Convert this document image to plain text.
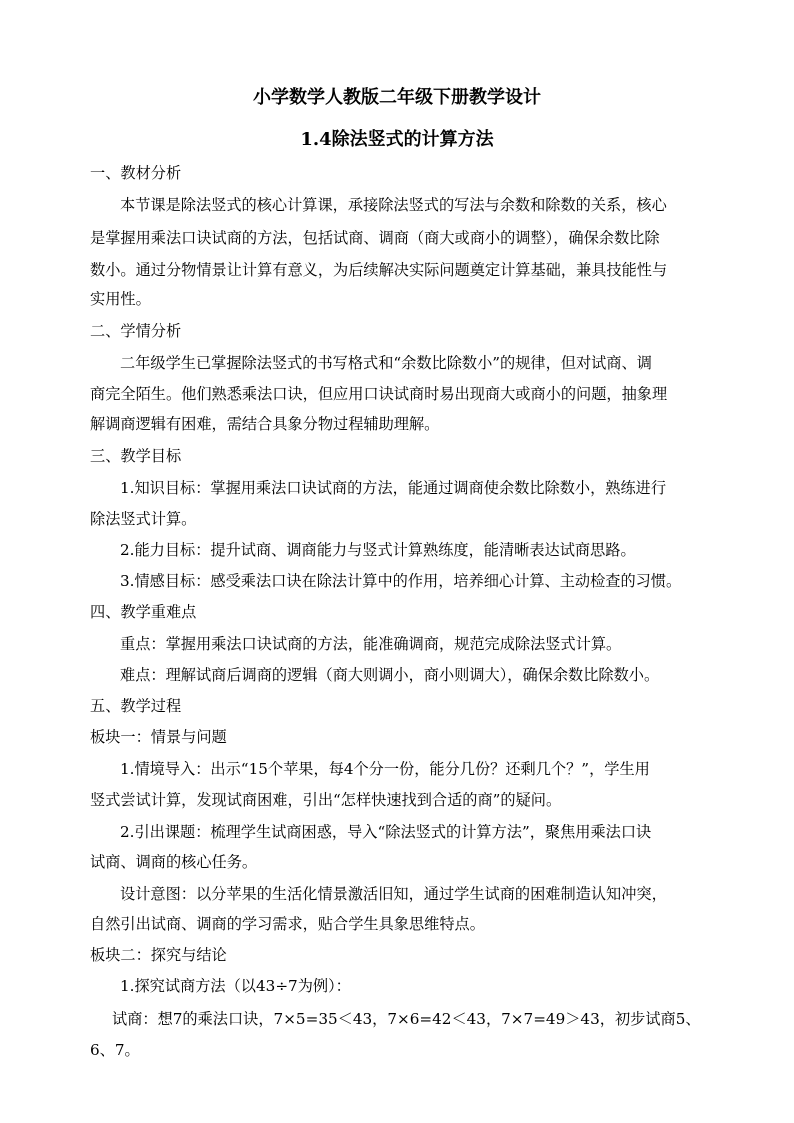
小学数学人教版二年级下册教学设计
1.4除法竖式的计算方法
一、教材分析
本节课是除法竖式的核心计算课，承接除法竖式的写法与余数和除数的关系，核心
是掌握用乘法口诀试商的方法，包括试商、调商（商大或商小的调整），确保余数比除
数小。通过分物情景让计算有意义，为后续解决实际问题奠定计算基础，兼具技能性与
实用性。
二、学情分析
二年级学生已掌握除法竖式的书写格式和“余数比除数小”的规律，但对试商、调
商完全陌生。他们熟悉乘法口诀，但应用口诀试商时易出现商大或商小的问题，抽象理
解调商逻辑有困难，需结合具象分物过程辅助理解。
三、教学目标
1.知识目标：掌握用乘法口诀试商的方法，能通过调商使余数比除数小，熟练进行
除法竖式计算。
2.能力目标：提升试商、调商能力与竖式计算熟练度，能清晰表达试商思路。
3.情感目标：感受乘法口诀在除法计算中的作用，培养细心计算、主动检查的习惯。
四、教学重难点
重点：掌握用乘法口诀试商的方法，能准确调商，规范完成除法竖式计算。
难点：理解试商后调商的逻辑（商大则调小，商小则调大），确保余数比除数小。
五、教学过程
板块一：情景与问题
1.情境导入：出示“15个苹果，每4个分一份，能分几份？还剩几个？”，学生用
竖式尝试计算，发现试商困难，引出“怎样快速找到合适的商”的疑问。
2.引出课题：梳理学生试商困惑，导入“除法竖式的计算方法”，聚焦用乘法口诀
试商、调商的核心任务。
设计意图：以分苹果的生活化情景激活旧知，通过学生试商的困难制造认知冲突，
自然引出试商、调商的学习需求，贴合学生具象思维特点。
板块二：探究与结论
1.探究试商方法（以43÷7为例）：
试商：想7的乘法口诀，7×5=35＜43，7×6=42＜43，7×7=49＞43，初步试商5、
6、7。
